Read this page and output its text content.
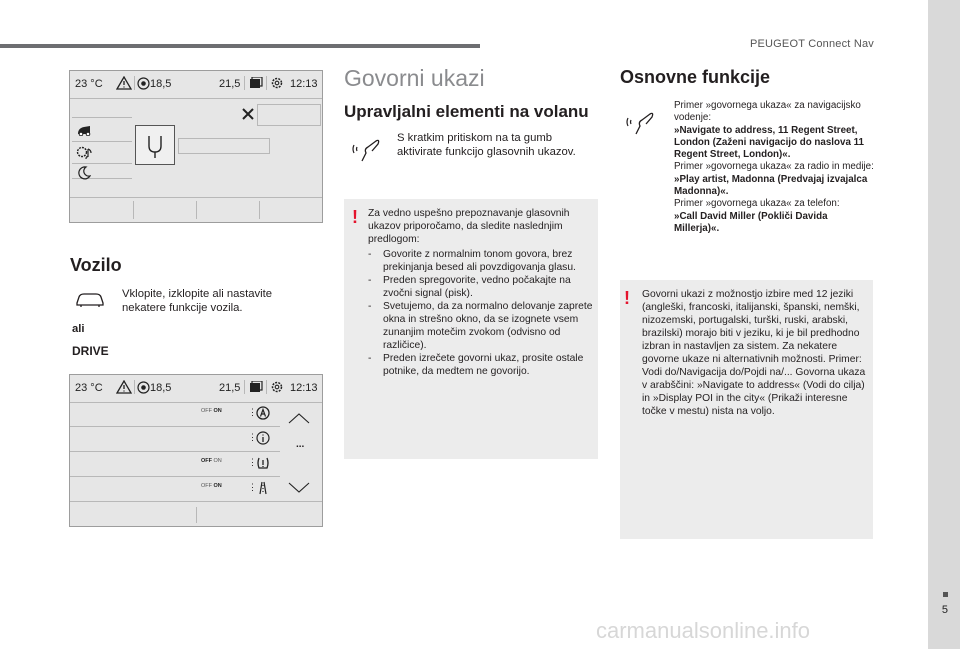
PEUGEOT Connect Nav
5
carmanualsonline.info
23 °C	18,5	21,5	12:13
Vozilo
Vklopite, izklopite ali nastavite nekatere funkcije vozila.
ali
DRIVE
23 °C	18,5	21,5	12:13
OFF ON	⋮
⋮
...
OFF ON	⋮
OFF ON	⋮
Govorni ukazi
Upravljalni elementi na volanu
S kratkim pritiskom na ta gumb aktivirate funkcijo glasovnih ukazov.
! Za vedno uspešno prepoznavanje glasovnih ukazov priporočamo, da sledite naslednjim predlogom:
- Govorite z normalnim tonom govora, brez prekinjanja besed ali povzdigovanja glasu.
- Preden spregovorite, vedno počakajte na zvočni signal (pisk).
- Svetujemo, da za normalno delovanje zaprete okna in strešno okno, da se izognete vsem zunanjim motečim zvokom (odvisno od različice).
- Preden izrečete govorni ukaz, prosite ostale potnike, da medtem ne govorijo.
Osnovne funkcije
Primer »govornega ukaza« za navigacijsko vodenje:
»Navigate to address, 11 Regent Street, London (Zaženi navigacijo do naslova 11 Regent Street, London)«.
Primer »govornega ukaza« za radio in medije:
»Play artist, Madonna (Predvajaj izvajalca Madonna)«.
Primer »govornega ukaza« za telefon:
»Call David Miller (Pokliči Davida Millerja)«.
! Govorni ukazi z možnostjo izbire med 12 jeziki (angleški, francoski, italijanski, španski, nemški, nizozemski, portugalski, turški, ruski, arabski, brazilski) morajo biti v jeziku, ki je bil predhodno izbran in nastavljen za sistem. Za nekatere govorne ukaze ni alternativnih možnosti. Primer: Vodi do/Navigacija do/Pojdi na/... Govorna ukaza v arabščini: »Navigate to address« (Vodi do cilja) in »Display POI in the city« (Prikaži interesne točke v mestu) nista na voljo.
